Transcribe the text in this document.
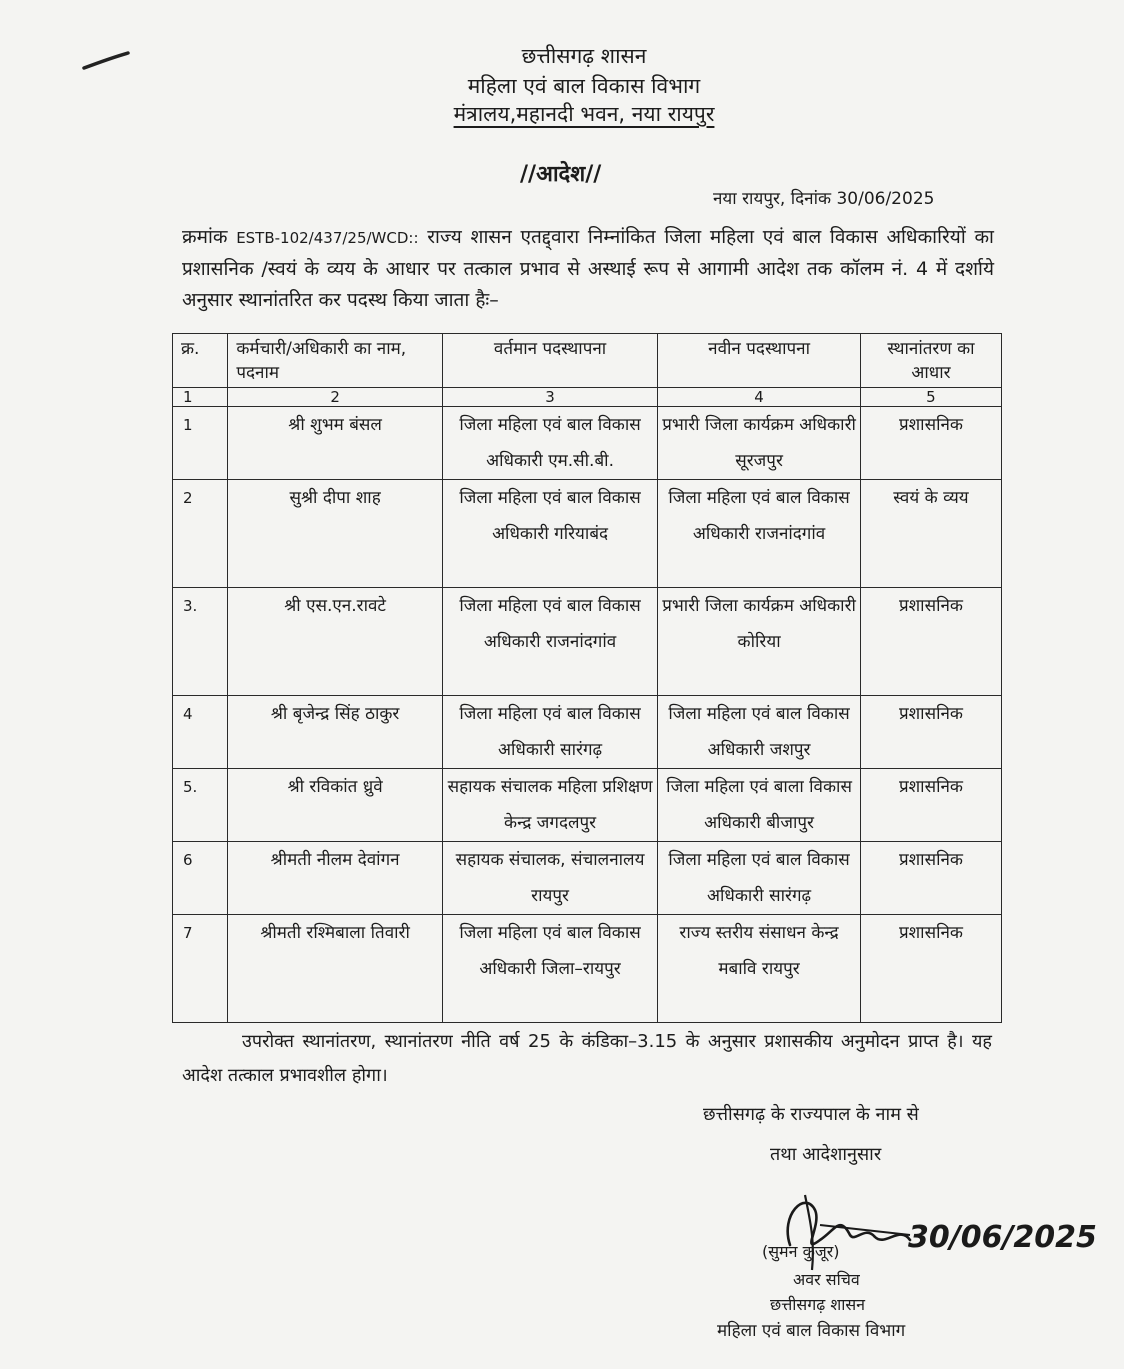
छत्तीसगढ़ शासन
महिला एवं बाल विकास विभाग
मंत्रालय,महानदी भवन, नया रायपुर
//आदेश//
नया रायपुर, दिनांक 30/06/2025
क्रमांक ESTB-102/437/25/WCD:: राज्य शासन एतद्द्वारा निम्नांकित जिला महिला एवं बाल विकास अधिकारियों का प्रशासनिक /स्वयं के व्यय के आधार पर तत्काल प्रभाव से अस्थाई रूप से आगामी आदेश तक कॉलम नं. 4 में दर्शाये अनुसार स्थानांतरित कर पदस्थ किया जाता हैः–
क्र.	कर्मचारी/अधिकारी का नाम, पदनाम	वर्तमान पदस्थापना	नवीन पदस्थापना	स्थानांतरण का आधार
1	2	3	4	5
1	श्री शुभम बंसल	जिला महिला एवं बाल विकास अधिकारी एम.सी.बी.	प्रभारी जिला कार्यक्रम अधिकारी सूरजपुर	प्रशासनिक
2	सुश्री दीपा शाह	जिला महिला एवं बाल विकास अधिकारी गरियाबंद	जिला महिला एवं बाल विकास अधिकारी राजनांदगांव	स्वयं के व्यय
3.	श्री एस.एन.रावटे	जिला महिला एवं बाल विकास अधिकारी राजनांदगांव	प्रभारी जिला कार्यक्रम अधिकारी कोरिया	प्रशासनिक
4	श्री बृजेन्द्र सिंह ठाकुर	जिला महिला एवं बाल विकास अधिकारी सारंगढ़	जिला महिला एवं बाल विकास अधिकारी जशपुर	प्रशासनिक
5.	श्री रविकांत ध्रुवे	सहायक संचालक महिला प्रशिक्षण केन्द्र जगदलपुर	जिला महिला एवं बाला विकास अधिकारी बीजापुर	प्रशासनिक
6	श्रीमती नीलम देवांगन	सहायक संचालक, संचालनालय रायपुर	जिला महिला एवं बाल विकास अधिकारी सारंगढ़	प्रशासनिक
7	श्रीमती रश्मिबाला तिवारी	जिला महिला एवं बाल विकास अधिकारी जिला–रायपुर	राज्य स्तरीय संसाधन केन्द्र मबावि रायपुर	प्रशासनिक
उपरोक्त स्थानांतरण, स्थानांतरण नीति वर्ष 25 के कंडिका–3.15 के अनुसार प्रशासकीय अनुमोदन प्राप्त है। यह आदेश तत्काल प्रभावशील होगा।
छत्तीसगढ़ के राज्यपाल के नाम से
तथा आदेशानुसार
30/06/2025
(सुमन कुजूर)
अवर सचिव
छत्तीसगढ़ शासन
महिला एवं बाल विकास विभाग
